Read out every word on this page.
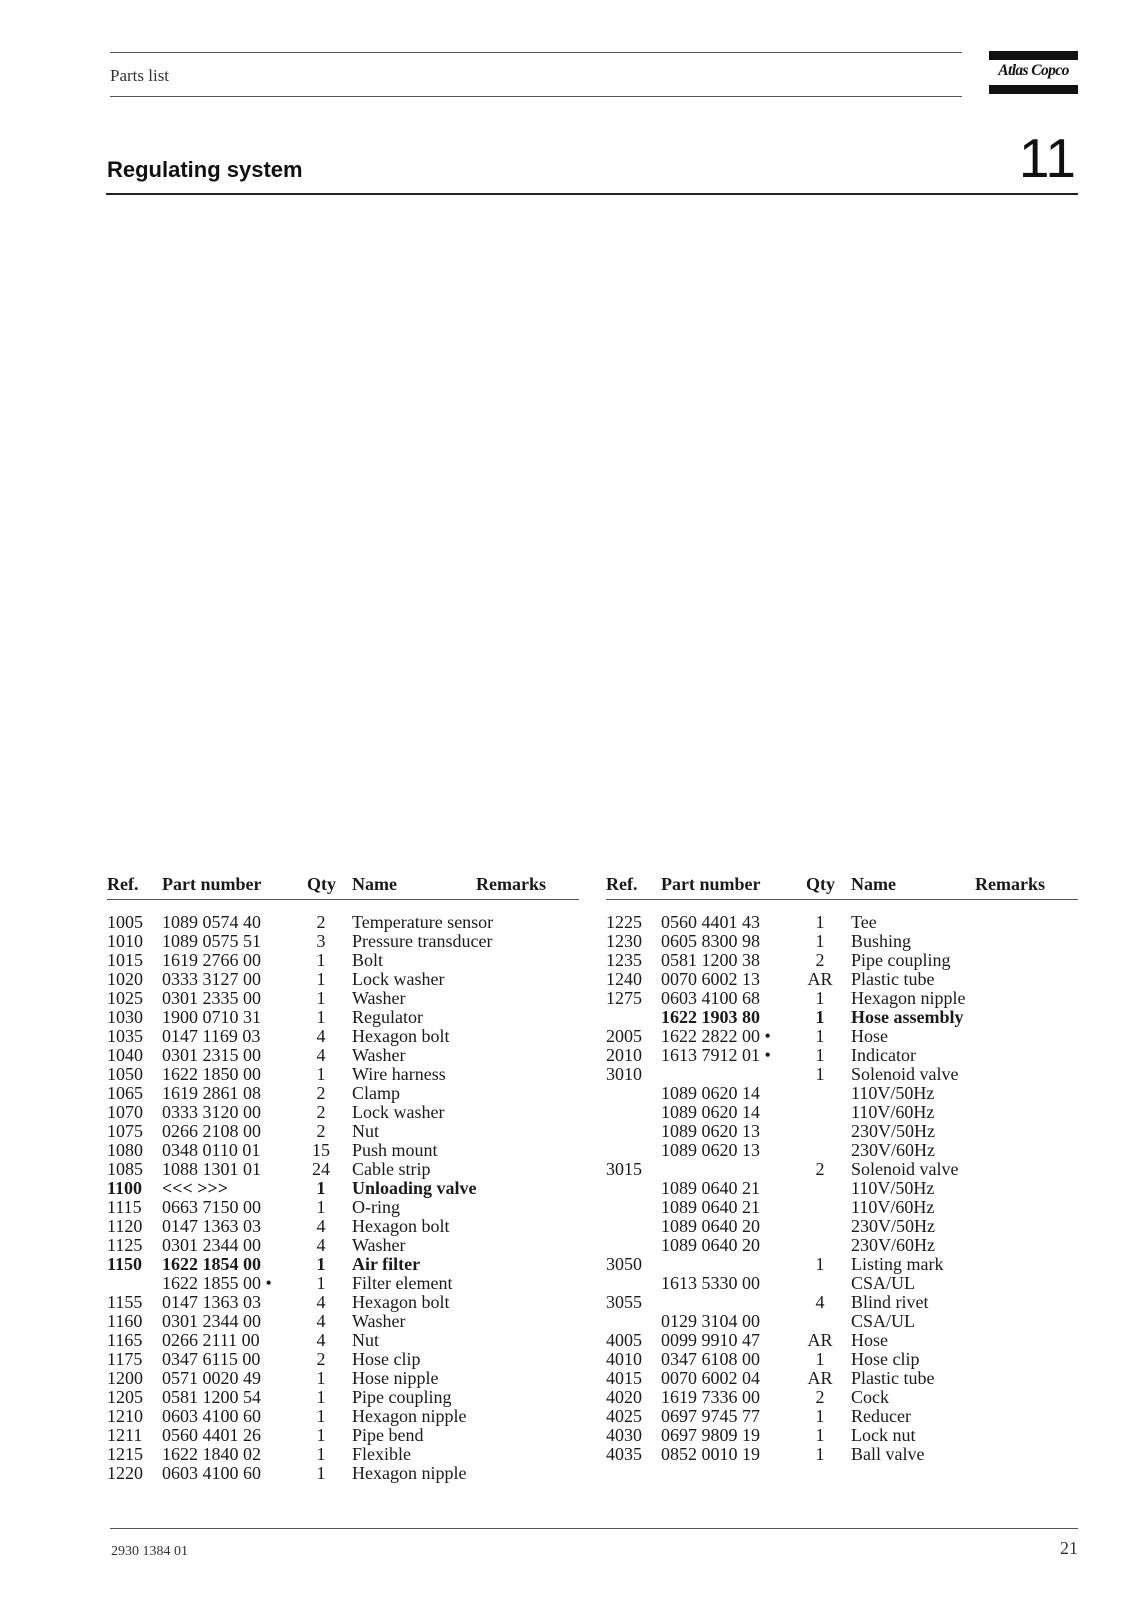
Parts list	Atlas Copco
Regulating system	11
Ref. Part number	Qty Name	Remarks
1005 1089 0574 40	2	Temperature sensor
1010 1089 0575 51	3	Pressure transducer
1015 1619 2766 00	1	Bolt
1020 0333 3127 00	1	Lock washer
1025 0301 2335 00	1	Washer
1030 1900 0710 31	1	Regulator
1035 0147 1169 03	4	Hexagon bolt
1040 0301 2315 00	4	Washer
1050 1622 1850 00	1	Wire harness
1065 1619 2861 08	2	Clamp
1070 0333 3120 00	2	Lock washer
1075 0266 2108 00	2	Nut
1080 0348 0110 01	15 Push mount
1085 1088 1301 01	24 Cable strip
1100 <<< >>>	1	Unloading valve
1115 0663 7150 00	1	O-ring
1120 0147 1363 03	4	Hexagon bolt
1125 0301 2344 00	4	Washer
1150 1622 1854 00	1	Air filter
1622 1855 00 •	1	Filter element
1155 0147 1363 03	4	Hexagon bolt
1160 0301 2344 00	4	Washer
1165 0266 2111 00	4	Nut
1175 0347 6115 00	2	Hose clip
1200 0571 0020 49	1	Hose nipple
1205 0581 1200 54	1	Pipe coupling
1210 0603 4100 60	1	Hexagon nipple
1211 0560 4401 26	1	Pipe bend
1215 1622 1840 02	1	Flexible
1220 0603 4100 60	1	Hexagon nipple
Ref. Part number	Qty Name	Remarks
1225 0560 4401 43	1	Tee
1230 0605 8300 98	1	Bushing
1235 0581 1200 38	2	Pipe coupling
1240 0070 6002 13	AR Plastic tube
1275 0603 4100 68	1	Hexagon nipple
1622 1903 80	1	Hose assembly
2005 1622 2822 00 •	1	Hose
2010 1613 7912 01 •	1	Indicator
3010	1	Solenoid valve
1089 0620 14	110V/50Hz
1089 0620 14	110V/60Hz
1089 0620 13	230V/50Hz
1089 0620 13	230V/60Hz
3015	2	Solenoid valve
1089 0640 21	110V/50Hz
1089 0640 21	110V/60Hz
1089 0640 20	230V/50Hz
1089 0640 20	230V/60Hz
3050	1	Listing mark
1613 5330 00	CSA/UL
3055	4	Blind rivet
0129 3104 00	CSA/UL
4005 0099 9910 47	AR Hose
4010 0347 6108 00	1	Hose clip
4015 0070 6002 04	AR Plastic tube
4020 1619 7336 00	2	Cock
4025 0697 9745 77	1	Reducer
4030 0697 9809 19	1	Lock nut
4035 0852 0010 19	1	Ball valve
2930 1384 01	21
